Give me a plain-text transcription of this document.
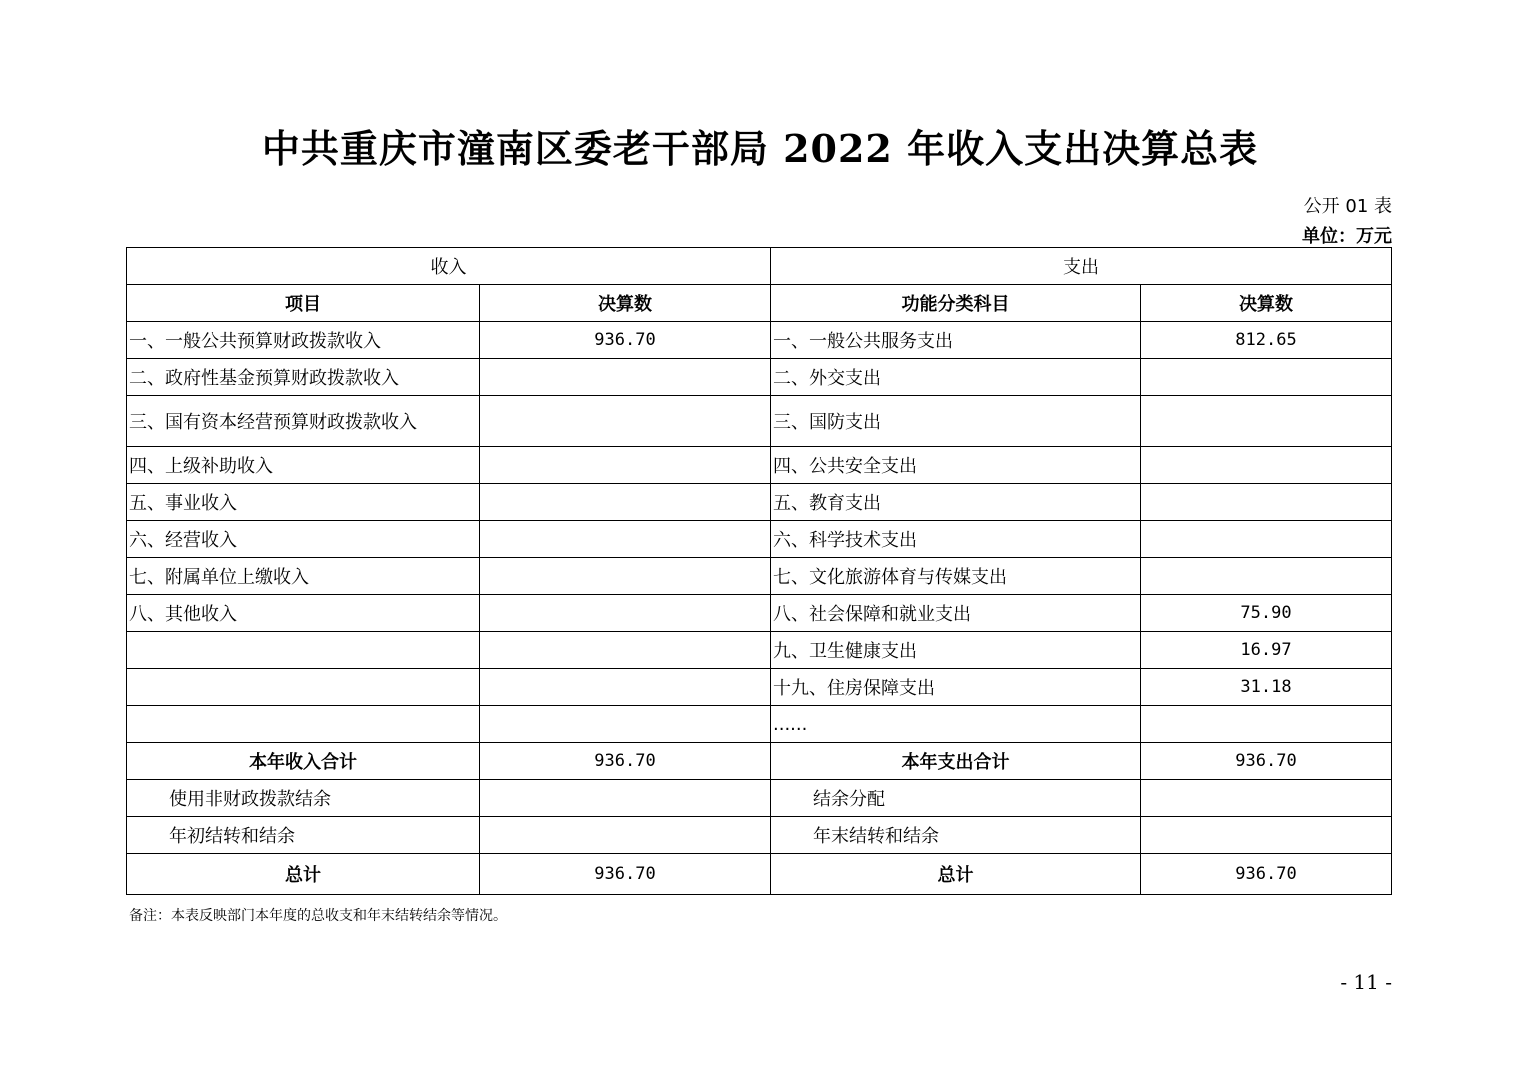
中共重庆市潼南区委老干部局 2022 年收入支出决算总表
公开 01 表
单位：万元
收入		支出	
项目	决算数	功能分类科目	决算数
一、一般公共预算财政拨款收入	936.70	一、一般公共服务支出	812.65
二、政府性基金预算财政拨款收入		二、外交支出	
三、国有资本经营预算财政拨款收入		三、国防支出	
四、上级补助收入		四、公共安全支出	
五、事业收入		五、教育支出	
六、经营收入		六、科学技术支出	
七、附属单位上缴收入		七、文化旅游体育与传媒支出	
八、其他收入		八、社会保障和就业支出	75.90
		九、卫生健康支出	16.97
		十九、住房保障支出	31.18
		......	
本年收入合计	936.70	本年支出合计	936.70
使用非财政拨款结余		结余分配	
年初结转和结余		年末结转和结余	
总计	936.70	总计	936.70
备注：本表反映部门本年度的总收支和年末结转结余等情况。
- 11 -
